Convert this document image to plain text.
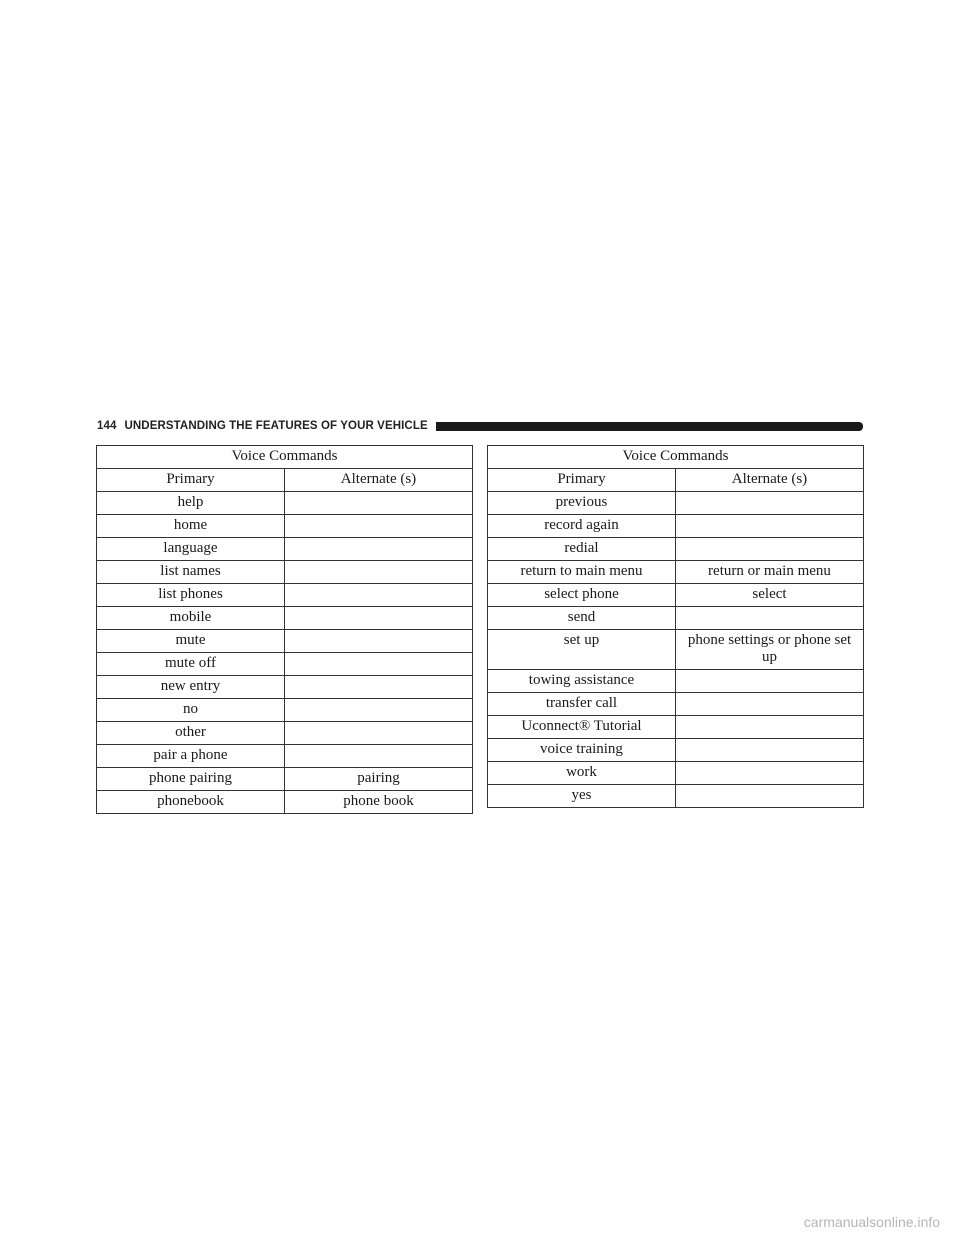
144 UNDERSTANDING THE FEATURES OF YOUR VEHICLE
Voice Commands	
Primary	Alternate (s)
help	
home	
language	
list names	
list phones	
mobile	
mute	
mute off	
new entry	
no	
other	
pair a phone	
phone pairing	pairing
phonebook	phone book
Voice Commands	
Primary	Alternate (s)
previous	
record again	
redial	
return to main menu	return or main menu
select phone	select
send	
set up	phone settings or phone set up
towing assistance	
transfer call	
Uconnect® Tutorial	
voice training	
work	
yes	
carmanualsonline.info
